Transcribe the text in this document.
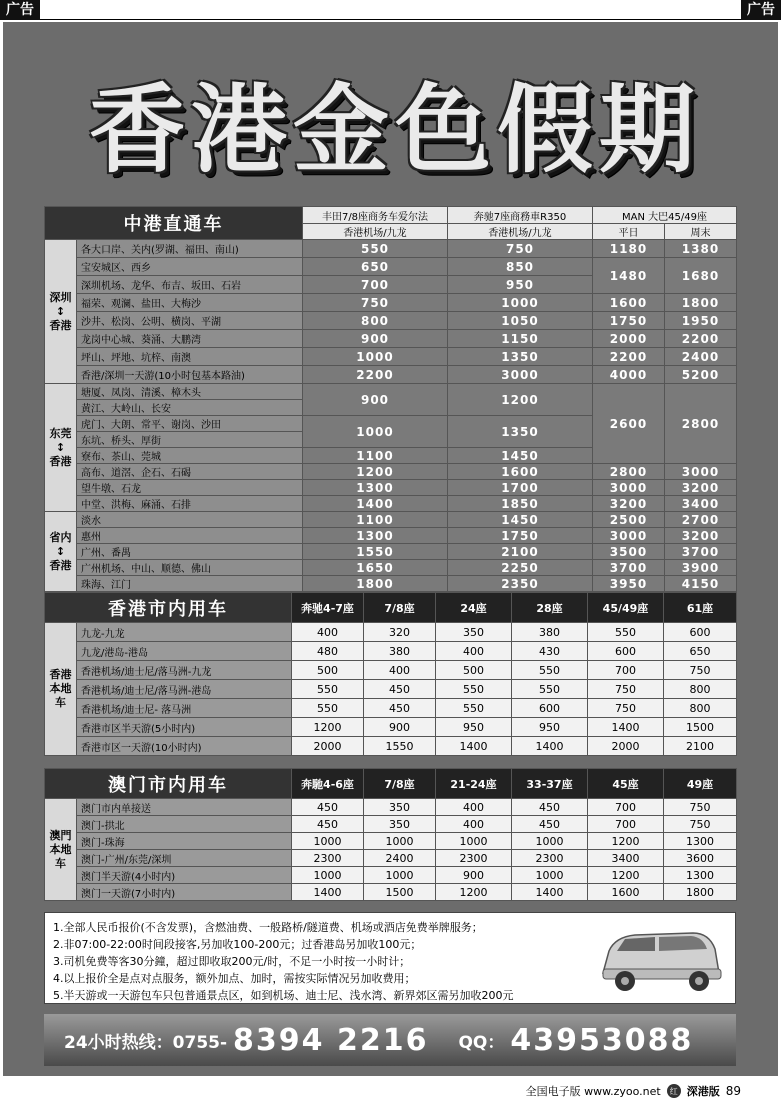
广告	广告
香港金色假期
中港直通车		丰田7/8座商务车爱尔法	奔驰7座商務車R350	MAN 大巴45/49座	
		香港机场/九龙	香港机场/九龙	平日	周末
深圳
↕
香港	各大口岸、关内(罗湖、福田、南山)	550	750	1180	1380
	宝安城区、西乡	650	850	1480	1680
	深圳机场、龙华、布吉、坂田、石岩	700	950		
	福荣、观澜、盐田、大梅沙	750	1000	1600	1800
	沙井、松岗、公明、横岗、平湖	800	1050	1750	1950
	龙岗中心城、葵涌、大鹏湾	900	1150	2000	2200
	坪山、坪地、坑梓、南澳	1000	1350	2200	2400
	香港/深圳一天游(10小时包基本路油)	2200	3000	4000	5200
东莞
↕
香港	塘厦、凤岗、清溪、樟木头	900	1200	2600	2800
	黄江、大岭山、长安				
	虎门、大朗、常平、谢岗、沙田	1000	1350		
	东坑、桥头、厚街				
	寮布、茶山、莞城	1100	1450		
	高布、道滘、企石、石碣	1200	1600	2800	3000
	望牛墩、石龙	1300	1700	3000	3200
	中堂、洪梅、麻涌、石排	1400	1850	3200	3400
省内
↕
香港	淡水	1100	1450	2500	2700
	惠州	1300	1750	3000	3200
	广州、番禺	1550	2100	3500	3700
	广州机场、中山、顺德、佛山	1650	2250	3700	3900
	珠海、江门	1800	2350	3950	4150
香港市内用车		奔驰4-7座	7/8座	24座	28座	45/49座	61座
香港
本地
车	九龙-九龙	400	320	350	380	550	600
	九龙/港岛-港岛	480	380	400	430	600	650
	香港机场/迪士尼/落马洲-九龙	500	400	500	550	700	750
	香港机场/迪士尼/落马洲-港岛	550	450	550	550	750	800
	香港机场/迪士尼- 落马洲	550	450	550	600	750	800
	香港市区半天游(5小时内)	1200	900	950	950	1400	1500
	香港市区一天游(10小时内)	2000	1550	1400	1400	2000	2100
澳门市内用车		奔馳4-6座	7/8座	21-24座	33-37座	45座	49座
澳門
本地
车	澳门市内单接送	450	350	400	450	700	750
	澳门-拱北	450	350	400	450	700	750
	澳门-珠海	1000	1000	1000	1000	1200	1300
	澳门-广州/东莞/深圳	2300	2400	2300	2300	3400	3600
	澳门半天游(4小时内)	1000	1000	900	1000	1200	1300
	澳门一天游(7小时内)	1400	1500	1200	1400	1600	1800
1.全部人民币报价(不含发票)，含燃油费、一般路桥/隧道费、机场或酒店免费举牌服务；
2.非07:00-22:00时间段接客,另加收100-200元；过香港岛另加收100元；
3.司机免费等客30分鐘，超过即收取200元/时，不足一小时按一小时计；
4.以上报价全是点对点服务，额外加点、加时，需按实际情况另加收费用；
5.半天游或一天游包车只包普通景点区，如到机场、迪士尼、浅水湾、新界郊区需另加收200元
24小时热线：0755- 8394 2216 QQ： 43953088
全国电子版 www.zyoo.net	红 深港版 89
